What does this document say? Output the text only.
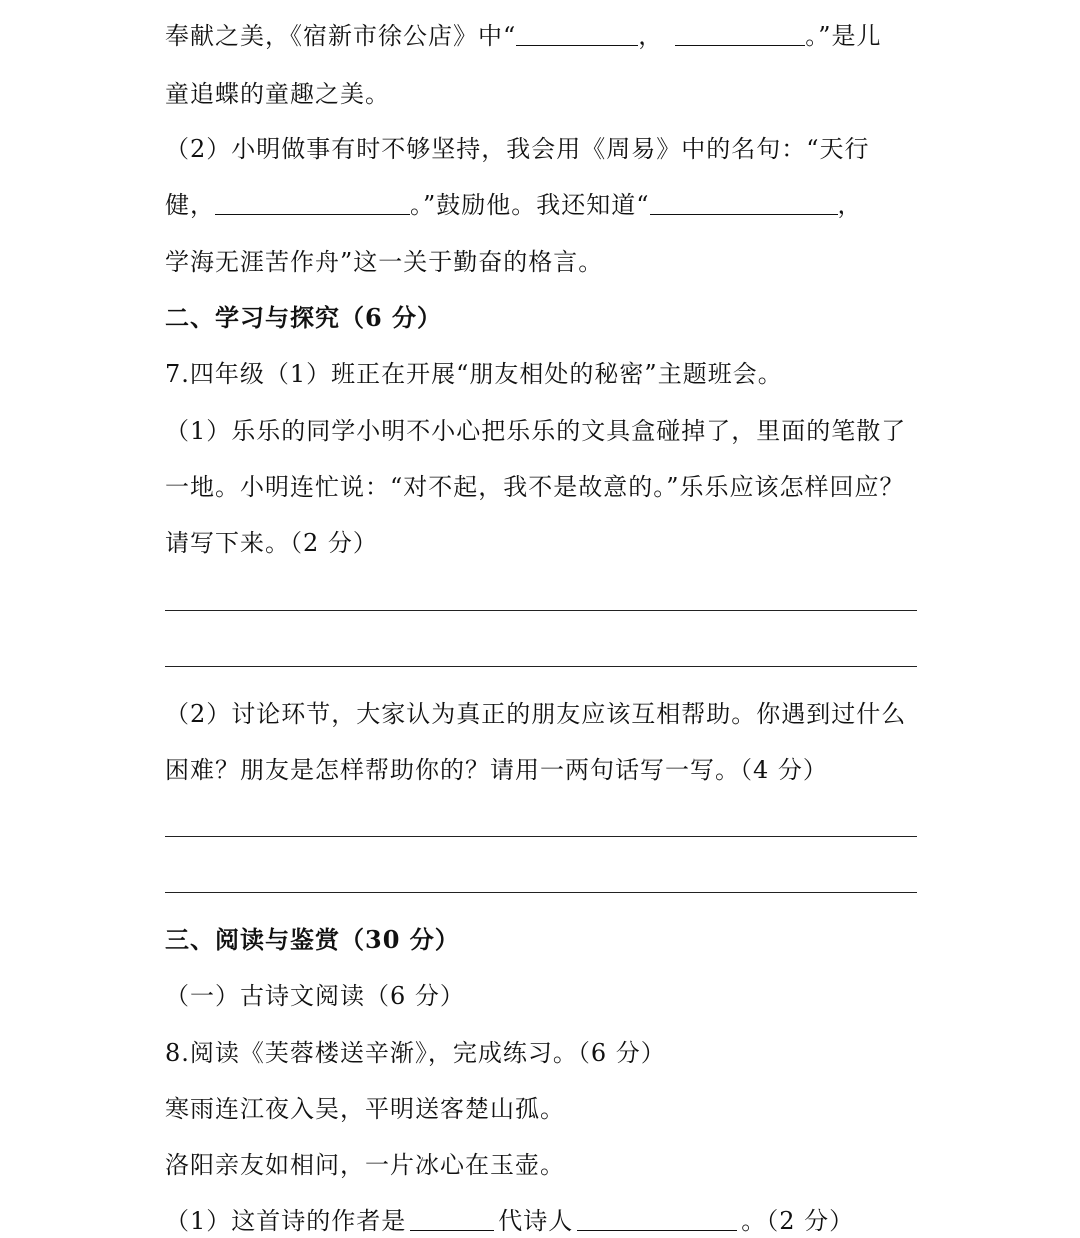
奉献之美，《宿新市徐公店》中“	，	。”是儿
童追蝶的童趣之美。
（2）小明做事有时不够坚持，我会用《周易》中的名句：“天行
健，	。”鼓励他。我还知道“	，
学海无涯苦作舟”这一关于勤奋的格言。
二、学习与探究（6 分）
7.四年级（1）班正在开展“朋友相处的秘密”主题班会。
（1）乐乐的同学小明不小心把乐乐的文具盒碰掉了，里面的笔散了
一地。小明连忙说：“对不起，我不是故意的。”乐乐应该怎样回应？
请写下来。（2 分）
（2）讨论环节，大家认为真正的朋友应该互相帮助。你遇到过什么
困难？朋友是怎样帮助你的？请用一两句话写一写。（4 分）
三、阅读与鉴赏（30 分）
（一）古诗文阅读（6 分）
8.阅读《芙蓉楼送辛渐》，完成练习。（6 分）
寒雨连江夜入吴，平明送客楚山孤。
洛阳亲友如相问，一片冰心在玉壶。
（1）这首诗的作者是	代诗人	。（2 分）
